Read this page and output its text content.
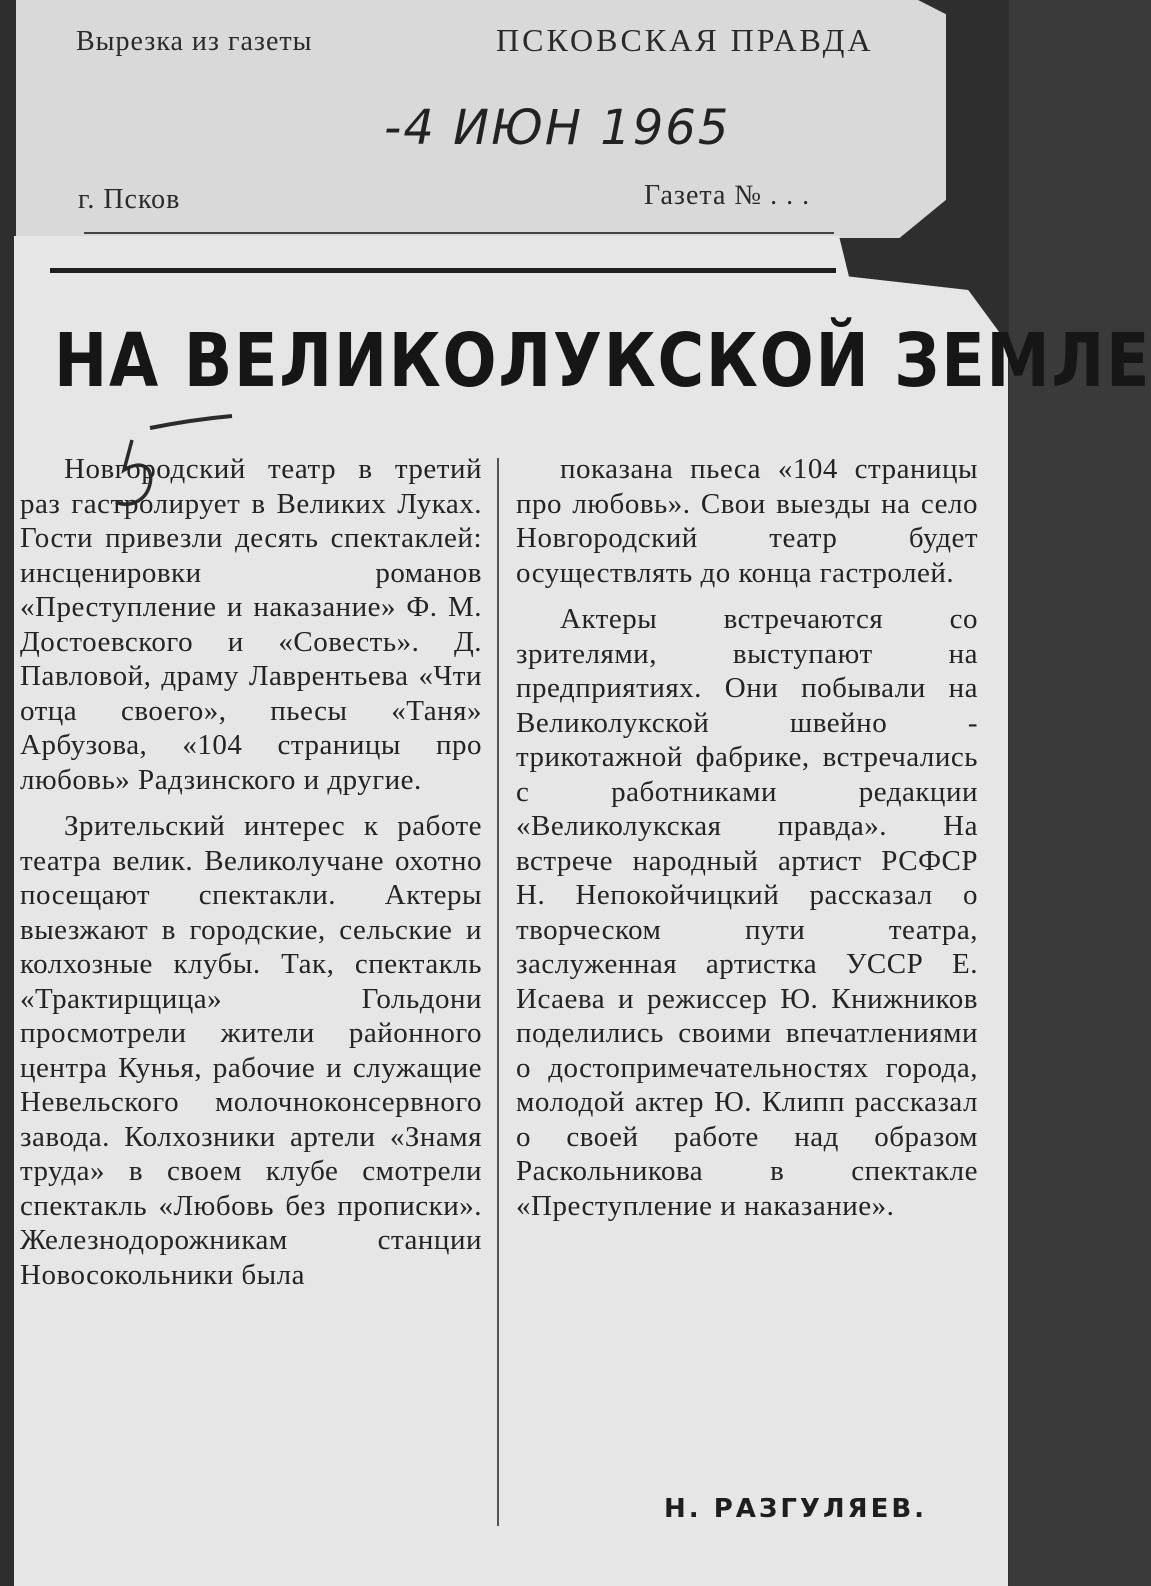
Вырезка из газеты	ПСКОВСКАЯ ПРАВДА
-4 ИЮН 1965
г. Псков	Газета № . . .
НА ВЕЛИКОЛУКСКОЙ ЗЕМЛЕ

Новгородский театр в третий раз гастролирует в Великих Луках. Гости привезли десять спектаклей: инсценировки романов «Преступление и наказание» Ф. М. Достоевского и «Совесть». Д. Павловой, драму Лаврентьева «Чти отца своего», пьесы «Таня» Арбузова, «104 страницы про любовь» Радзинского и другие.

Зрительский интерес к работе театра велик. Великолучане охотно посещают спектакли. Актеры выезжают в городские, сельские и колхозные клубы. Так, спектакль «Трактирщица» Гольдони просмотрели жители районного центра Кунья, рабочие и служащие Невельского молочноконсервного завода. Колхозники артели «Знамя труда» в своем клубе смотрели спектакль «Любовь без прописки». Железнодорожникам станции Новосокольники была

показана пьеса «104 страницы про любовь». Свои выезды на село Новгородский театр будет осуществлять до конца гастролей.

Актеры встречаются со зрителями, выступают на предприятиях. Они побывали на Великолукской швейно - трикотажной фабрике, встречались с работниками редакции «Великолукская правда». На встрече народный артист РСФСР Н. Непокойчицкий рассказал о творческом пути театра, заслуженная артистка УССР Е. Исаева и режиссер Ю. Книжников поделились своими впечатлениями о достопримечательностях города, молодой актер Ю. Клипп рассказал о своей работе над образом Раскольникова в спектакле «Преступление и наказание».

Н. РАЗГУЛЯЕВ.
